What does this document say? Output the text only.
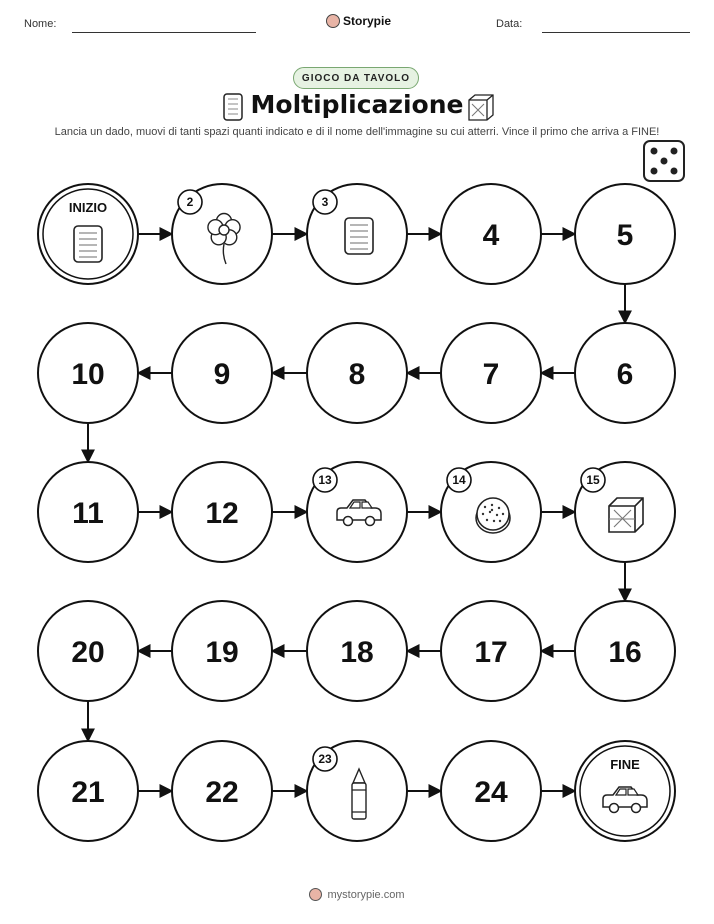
Nome:	Storypie	Data:
GIOCO DA TAVOLO
Moltiplicazione
Lancia un dado, muovi di tanti spazi quanti indicato e di il nome dell'immagine su cui atterri. Vince il primo che arriva a FINE!
INIZIO	2	3
4	5
6
7
8
9
10
11	12
13	14	15
16
17
18
19
20
21	22
23
24
FINE
mystorypie.com
